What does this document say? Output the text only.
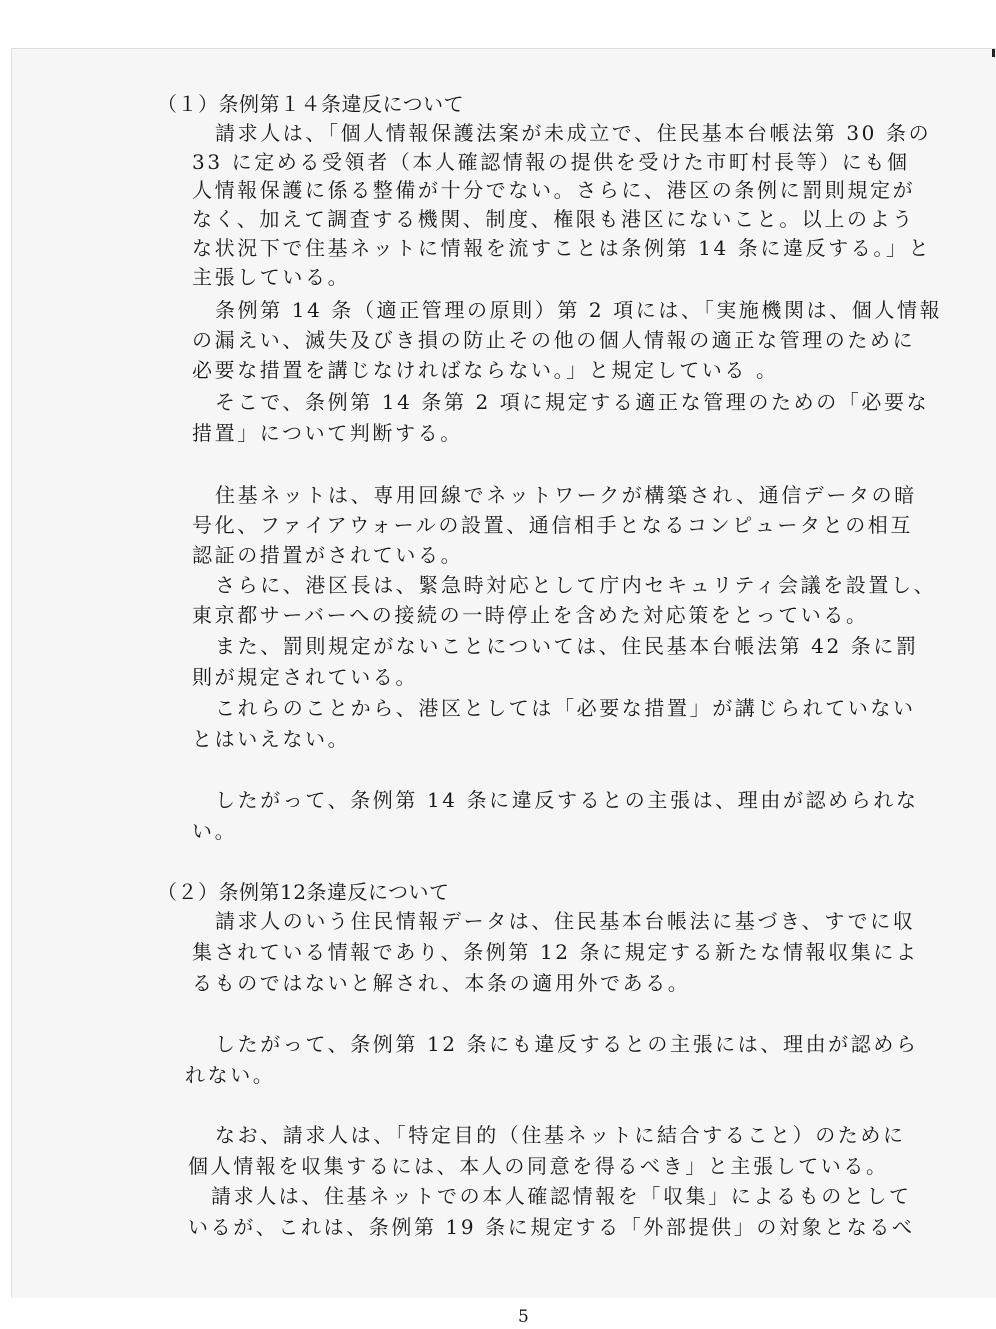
（１）条例第１４条違反について

請求人は、「個人情報保護法案が未成立で、住民基本台帳法第 30 条の

33 に定める受領者（本人確認情報の提供を受けた市町村長等）にも個

人情報保護に係る整備が十分でない。さらに、港区の条例に罰則規定が

なく、加えて調査する機関、制度、権限も港区にないこと。以上のよう

な状況下で住基ネットに情報を流すことは条例第 14 条に違反する。」と

主張している。

条例第 14 条（適正管理の原則）第 2 項には、「実施機関は、個人情報

の漏えい、滅失及びき損の防止その他の個人情報の適正な管理のために

必要な措置を講じなければならない。」と規定している 。

そこで、条例第 14 条第 2 項に規定する適正な管理のための「必要な

措置」について判断する。

住基ネットは、専用回線でネットワークが構築され、通信データの暗

号化、ファイアウォールの設置、通信相手となるコンピュータとの相互

認証の措置がされている。

さらに、港区長は、緊急時対応として庁内セキュリティ会議を設置し、

東京都サーバーへの接続の一時停止を含めた対応策をとっている。

また、罰則規定がないことについては、住民基本台帳法第 42 条に罰

則が規定されている。

これらのことから、港区としては「必要な措置」が講じられていない

とはいえない。

したがって、条例第 14 条に違反するとの主張は、理由が認められな

い。

（２）条例第12条違反について

請求人のいう住民情報データは、住民基本台帳法に基づき、すでに収

集されている情報であり、条例第 12 条に規定する新たな情報収集によ

るものではないと解され、本条の適用外である。

したがって、条例第 12 条にも違反するとの主張には、理由が認めら

れない。

なお、請求人は、「特定目的（住基ネットに結合すること）のために

個人情報を収集するには、本人の同意を得るべき」と主張している。

請求人は、住基ネットでの本人確認情報を「収集」によるものとして

いるが、これは、条例第 19 条に規定する「外部提供」の対象となるべ

5
